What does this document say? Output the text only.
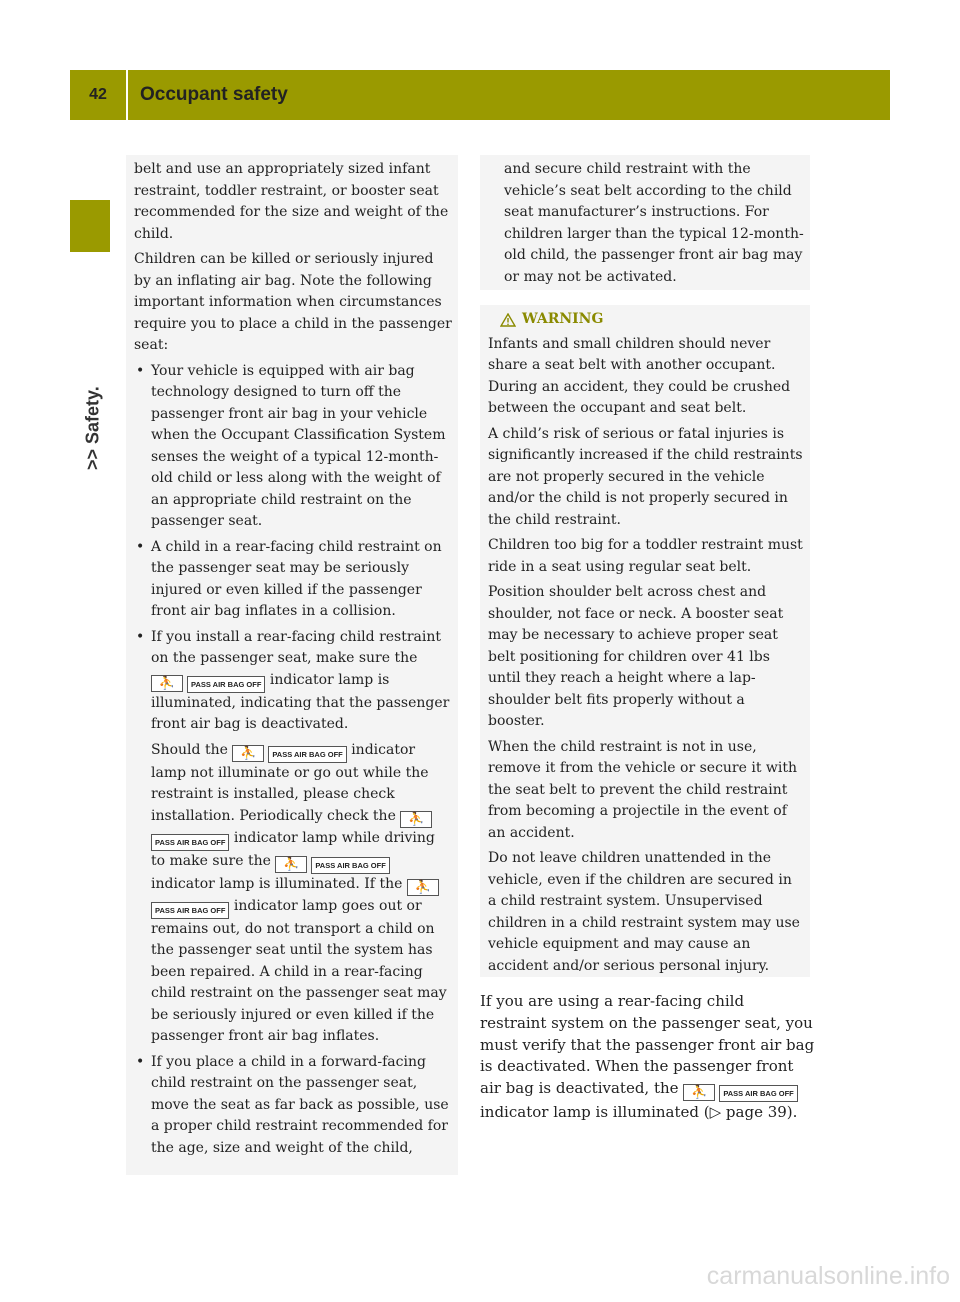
42	Occupant safety
>> Safety.

belt and use an appropriately sized infant restraint, toddler restraint, or booster seat recommended for the size and weight of the child.

Children can be killed or seriously injured by an inflating air bag. Note the following important information when circumstances require you to place a child in the passenger seat:

• Your vehicle is equipped with air bag technology designed to turn off the passenger front air bag in your vehicle when the Occupant Classification System senses the weight of a typical 12-month-old child or less along with the weight of an appropriate child restraint on the passenger seat.
• A child in a rear-facing child restraint on the passenger seat may be seriously injured or even killed if the passenger front air bag inflates in a collision.
• If you install a rear-facing child restraint on the passenger seat, make sure the ⛹ PASS AIR BAG OFF indicator lamp is illuminated, indicating that the passenger front air bag is deactivated.
Should the ⛹ PASS AIR BAG OFF indicator lamp not illuminate or go out while the restraint is installed, please check installation. Periodically check the ⛹PASS AIR BAG OFF indicator lamp while driving to make sure the ⛹ PASS AIR BAG OFF indicator lamp is illuminated. If the ⛹PASS AIR BAG OFF indicator lamp goes out or remains out, do not transport a child on the passenger seat until the system has been repaired. A child in a rear-facing child restraint on the passenger seat may be seriously injured or even killed if the passenger front air bag inflates.
• If you place a child in a forward-facing child restraint on the passenger seat, move the seat as far back as possible, use a proper child restraint recommended for the age, size and weight of the child,
and secure child restraint with the vehicle’s seat belt according to the child seat manufacturer’s instructions. For children larger than the typical 12-month-old child, the passenger front air bag may or may not be activated.
WARNING

Infants and small children should never share a seat belt with another occupant. During an accident, they could be crushed between the occupant and seat belt.

A child’s risk of serious or fatal injuries is significantly increased if the child restraints are not properly secured in the vehicle and/or the child is not properly secured in the child restraint.

Children too big for a toddler restraint must ride in a seat using regular seat belt.

Position shoulder belt across chest and shoulder, not face or neck. A booster seat may be necessary to achieve proper seat belt positioning for children over 41 lbs until they reach a height where a lap-shoulder belt fits properly without a booster.

When the child restraint is not in use, remove it from the vehicle or secure it with the seat belt to prevent the child restraint from becoming a projectile in the event of an accident.

Do not leave children unattended in the vehicle, even if the children are secured in a child restraint system. Unsupervised children in a child restraint system may use vehicle equipment and may cause an accident and/or serious personal injury.

If you are using a rear-facing child restraint system on the passenger seat, you must verify that the passenger front air bag is deactivated. When the passenger front air bag is deactivated, the ⛹ PASS AIR BAG OFF indicator lamp is illuminated (▷ page 39).
carmanualsonline.info
